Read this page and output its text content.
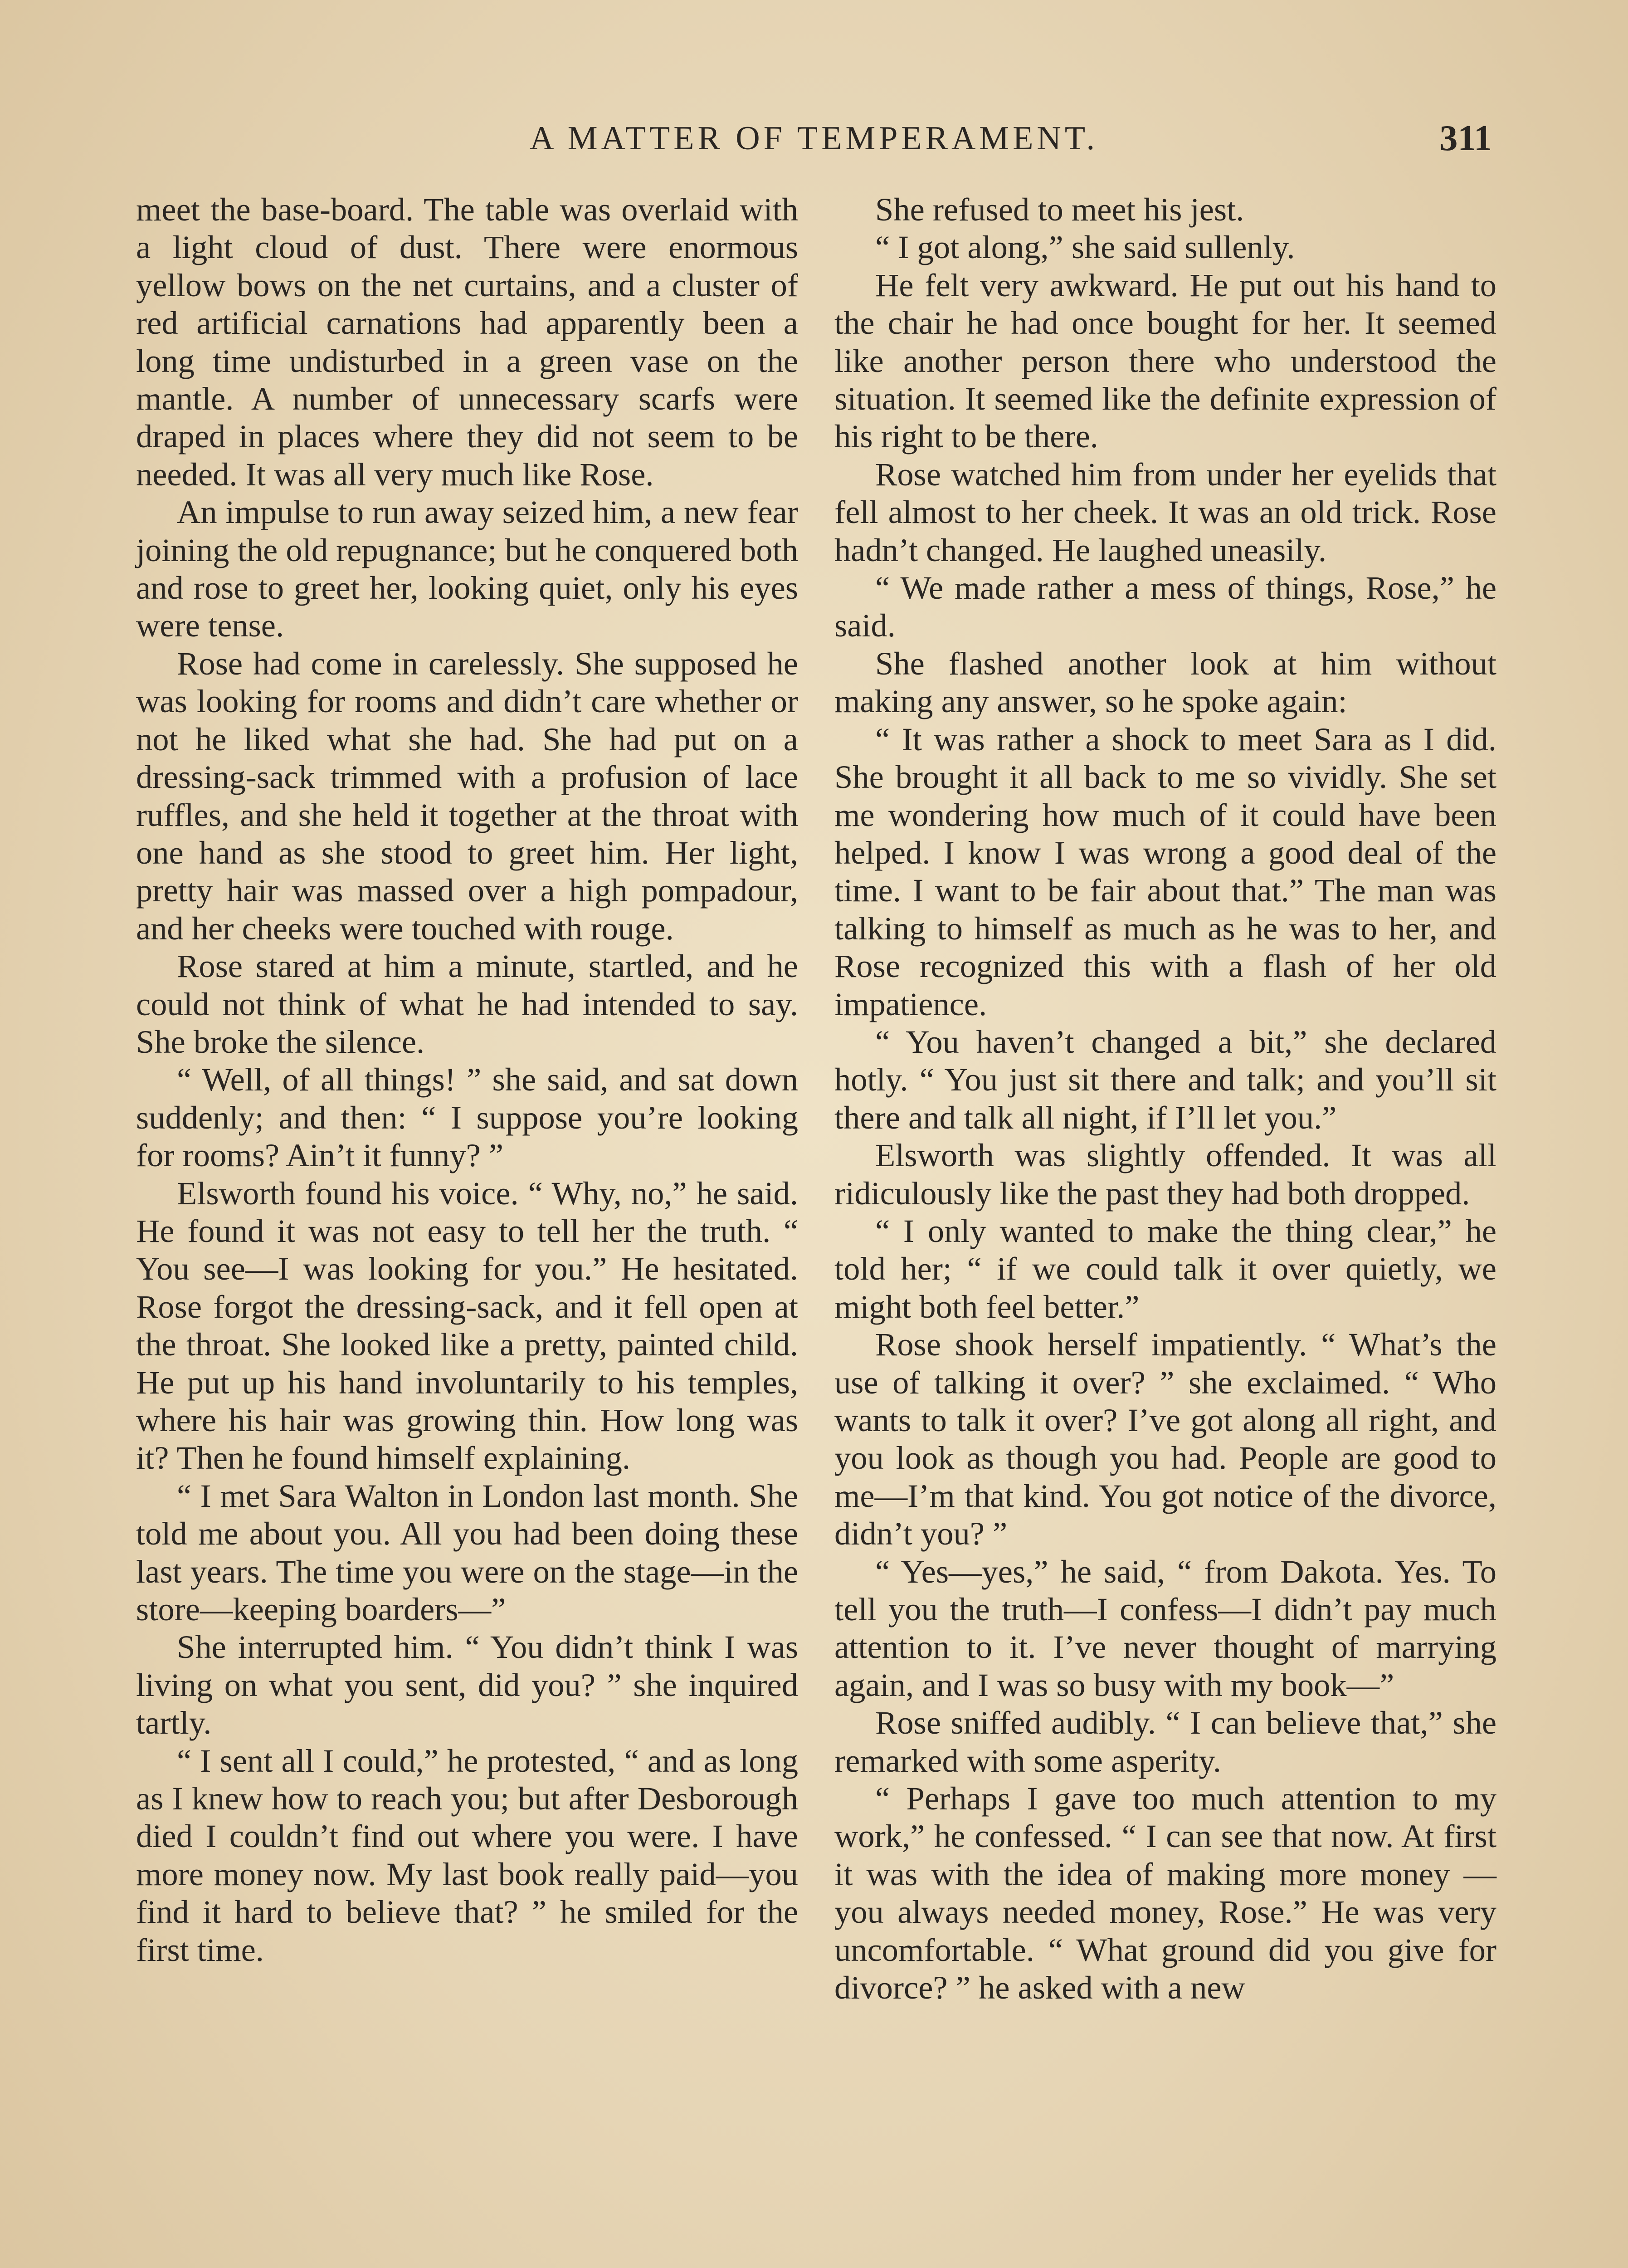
A MATTER OF TEMPERAMENT.	311

meet the base-board. The table was overlaid with a light cloud of dust. There were enormous yellow bows on the net curtains, and a cluster of red artificial carnations had apparently been a long time undisturbed in a green vase on the mantle. A number of unnecessary scarfs were draped in places where they did not seem to be needed. It was all very much like Rose.

An impulse to run away seized him, a new fear joining the old repugnance; but he conquered both and rose to greet her, looking quiet, only his eyes were tense.

Rose had come in carelessly. She supposed he was looking for rooms and didn’t care whether or not he liked what she had. She had put on a dressing-sack trimmed with a profusion of lace ruffles, and she held it together at the throat with one hand as she stood to greet him. Her light, pretty hair was massed over a high pompadour, and her cheeks were touched with rouge.

Rose stared at him a minute, startled, and he could not think of what he had intended to say. She broke the silence.

“ Well, of all things! ” she said, and sat down suddenly; and then: “ I suppose you’re looking for rooms? Ain’t it funny? ”

Elsworth found his voice. “ Why, no,” he said. He found it was not easy to tell her the truth. “ You see—I was looking for you.” He hesitated. Rose forgot the dressing-sack, and it fell open at the throat. She looked like a pretty, painted child. He put up his hand involuntarily to his temples, where his hair was growing thin. How long was it? Then he found himself explaining.

“ I met Sara Walton in London last month. She told me about you. All you had been doing these last years. The time you were on the stage—in the store—keeping boarders—”

She interrupted him. “ You didn’t think I was living on what you sent, did you? ” she inquired tartly.

“ I sent all I could,” he protested, “ and as long as I knew how to reach you; but after Desborough died I couldn’t find out where you were. I have more money now. My last book really paid—you find it hard to believe that? ” he smiled for the first time.

She refused to meet his jest.

“ I got along,” she said sullenly.

He felt very awkward. He put out his hand to the chair he had once bought for her. It seemed like another person there who understood the situation. It seemed like the definite expression of his right to be there.

Rose watched him from under her eyelids that fell almost to her cheek. It was an old trick. Rose hadn’t changed. He laughed uneasily.

“ We made rather a mess of things, Rose,” he said.

She flashed another look at him without making any answer, so he spoke again:

“ It was rather a shock to meet Sara as I did. She brought it all back to me so vividly. She set me wondering how much of it could have been helped. I know I was wrong a good deal of the time. I want to be fair about that.” The man was talking to himself as much as he was to her, and Rose recognized this with a flash of her old impatience.

“ You haven’t changed a bit,” she declared hotly. “ You just sit there and talk; and you’ll sit there and talk all night, if I’ll let you.”

Elsworth was slightly offended. It was all ridiculously like the past they had both dropped.

“ I only wanted to make the thing clear,” he told her; “ if we could talk it over quietly, we might both feel better.”

Rose shook herself impatiently. “ What’s the use of talking it over? ” she exclaimed. “ Who wants to talk it over? I’ve got along all right, and you look as though you had. People are good to me—I’m that kind. You got notice of the divorce, didn’t you? ”

“ Yes—yes,” he said, “ from Dakota. Yes. To tell you the truth—I confess—I didn’t pay much attention to it. I’ve never thought of marrying again, and I was so busy with my book—”

Rose sniffed audibly. “ I can believe that,” she remarked with some asperity.

“ Perhaps I gave too much attention to my work,” he confessed. “ I can see that now. At first it was with the idea of making more money — you always needed money, Rose.” He was very uncomfortable. “ What ground did you give for divorce? ” he asked with a new
